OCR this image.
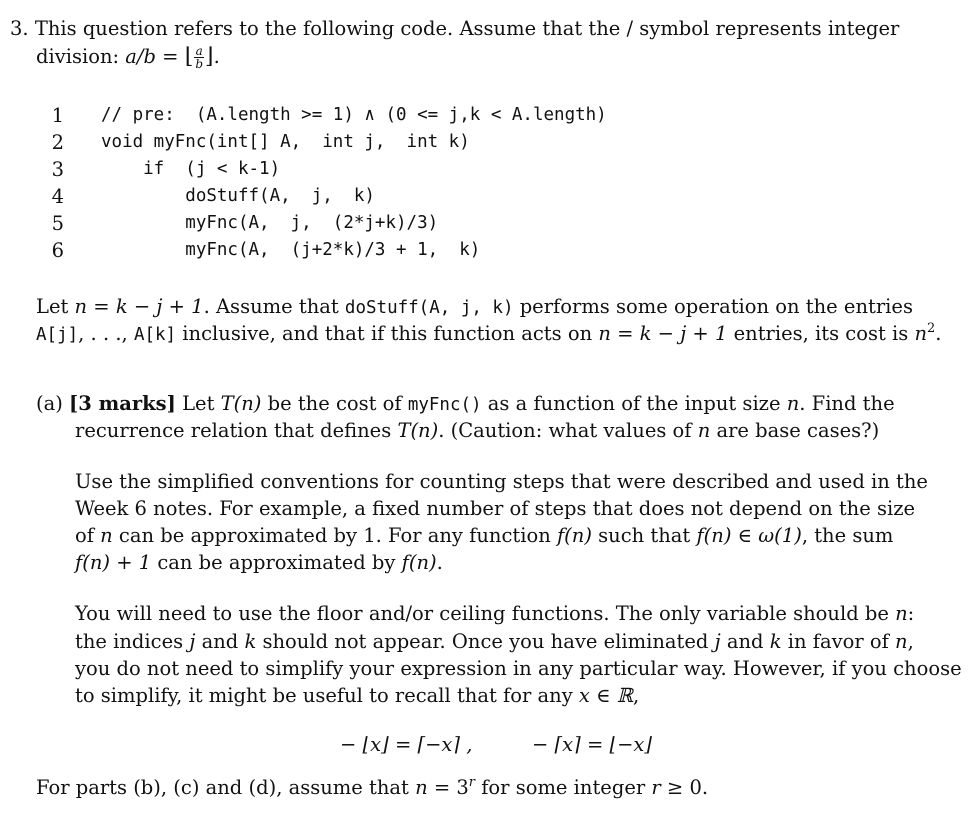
3. This question refers to the following code. Assume that the / symbol represents integer
division: a/b = ⌊ $\frac{a}{b}$ ⌋.
1 // pre:  (A.length >= 1) ∧ (0 <= j,k < A.length)
2 void myFnc(int[] A,  int j,  int k)
3 if  (j < k-1)
4 doStuff(A,  j,  k)
5 myFnc(A,  j,  (2*j+k)/3)
6 myFnc(A,  (j+2*k)/3 + 1,  k)
Let n = k − j + 1. Assume that doStuff(A, j, k) performs some operation on the entries
A[j], . . ., A[k] inclusive, and that if this function acts on n = k − j + 1 entries, its cost is $n^2$.
(a) [3 marks] Let T(n) be the cost of myFnc() as a function of the input size n. Find the
recurrence relation that defines T(n). (Caution: what values of n are base cases?)
Use the simplified conventions for counting steps that were described and used in the
Week 6 notes. For example, a fixed number of steps that does not depend on the size
of n can be approximated by 1. For any function f(n) such that f(n) ∈ ω(1), the sum
f(n) + 1 can be approximated by f(n).
You will need to use the floor and/or ceiling functions. The only variable should be n:
the indices j and k should not appear. Once you have eliminated j and k in favor of n,
you do not need to simplify your expression in any particular way. However, if you choose
to simplify, it might be useful to recall that for any x ∈ ℝ,
− ⌊x⌋ = ⌈−x⌉ ,	− ⌈x⌉ = ⌊−x⌋
For parts (b), (c) and (d), assume that $n = 3^r$ for some integer r ≥ 0.
